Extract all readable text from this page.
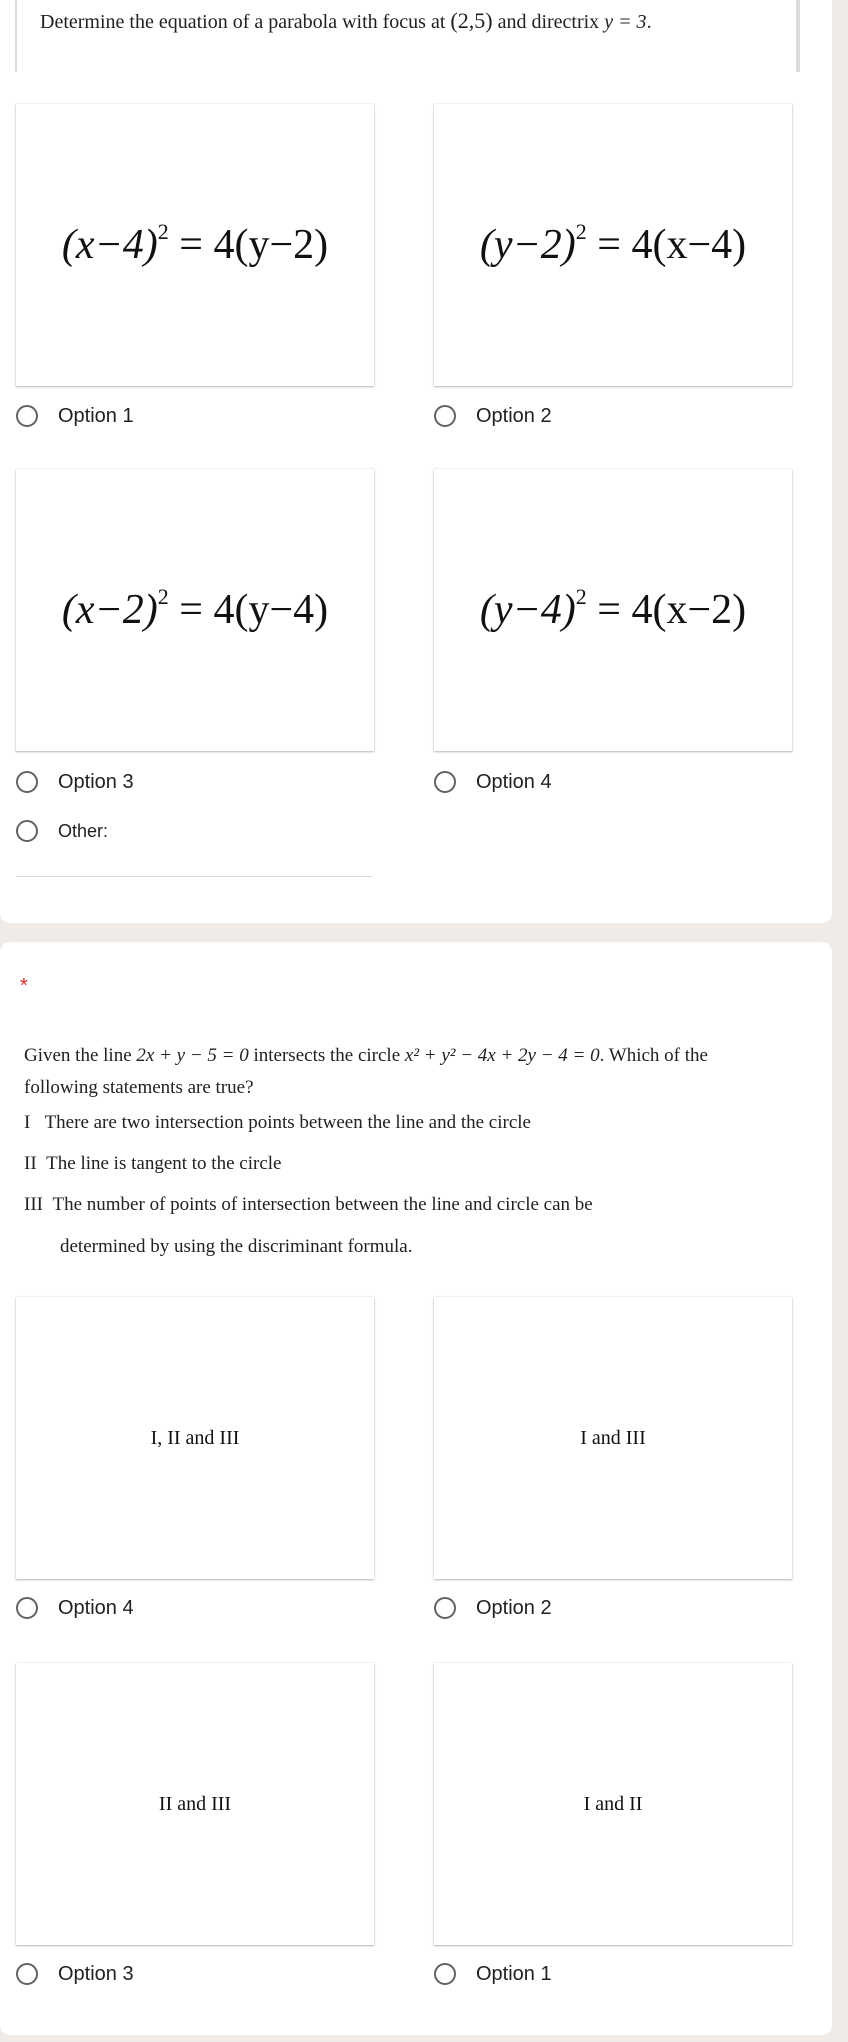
Determine the equation of a parabola with focus at (2,5) and directrix y = 3.
$(x-4)^2 = 4(y-2)$	$(y-2)^2 = 4(x-4)$
Option 1	Option 2
$(x-2)^2 = 4(y-4)$	$(y-4)^2 = 4(x-2)$
Option 3	Option 4
Other:
*
Given the line 2x + y − 5 = 0 intersects the circle x² + y² − 4x + 2y − 4 = 0. Which of the following statements are true?
I There are two intersection points between the line and the circle
II The line is tangent to the circle
III The number of points of intersection between the line and circle can be
determined by using the discriminant formula.
I, II and III	I and III
Option 4	Option 2
II and III	I and II
Option 3	Option 1
